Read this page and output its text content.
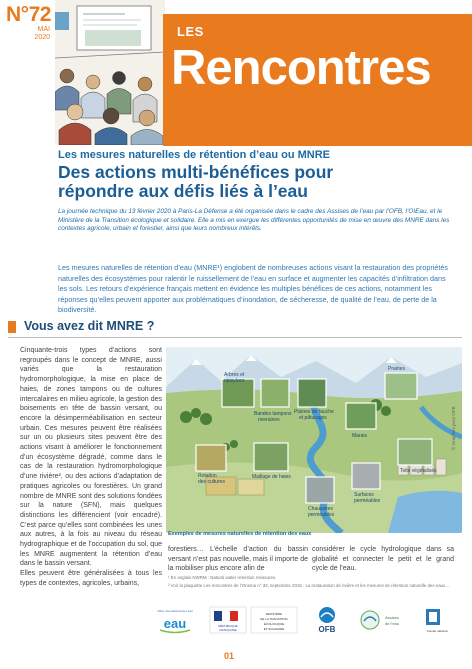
N°72
MAI
2020	LES
Rencontres
Les mesures naturelles de rétention d’eau ou MNRE
Des actions multi-bénéfices pour
répondre aux défis liés à l’eau
La journée technique du 13 février 2020 à Paris-La Défense a été organisée dans le cadre des Assises de l’eau par l’OFB, l’OIEau, et le Ministère de la Transition écologique et solidaire. Elle a mis en exergue les différentes opportunités de mise en œuvre des MNRE dans les contextes agricole, urbain et forestier, ainsi que leurs nombreux intérêts.
Les mesures naturelles de rétention d’eau (MNRE¹) englobent de nombreuses actions visant la restauration des propriétés naturelles des écosystèmes pour ralentir le ruissellement de l’eau en surface et augmenter les capacités d’infiltration dans les sols. Les retours d’expérience français mettent en évidence les multiples bénéfices de ces actions, notamment les réponses qu’elles peuvent apporter aux problématiques d’inondation, de sécheresse, de qualité de l’eau, de perte de la biodiversité.
Vous avez dit MNRE ?

Cinquante-trois types d’actions sont regroupés dans le concept de MNRE, aussi variés que la restauration hydromorphologique, la mise en place de haies, de zones tampons ou de cultures intercalaires en milieu agricole, la gestion des boisements en tête de bassin versant, ou encore la désimperméabilisation en secteur urbain. Ces mesures peuvent être réalisées sur un ou plusieurs sites peuvent être des actions visant à améliorer le fonctionnement d’un écosystème dégradé, comme dans le cas de la restauration hydromorphologique d’une rivière², ou des actions d’adaptation de pratiques agricoles ou forestières. Un grand nombre de MNRE sont des solutions fondées sur la nature (SFN), mais quelques distinctions les différencient (voir encadré). C’est parce qu’elles sont combinées les unes aux autres, à la fois au niveau du réseau hydrographique et de l’occupation du sol, que les MNRE augmentent la rétention d’eau dans le bassin versant.

Elles peuvent être généralisées à tous les types de contextes, agricoles, urbains,

Arbres et
ripisylves
Bandes tampons
riveraines
Plaines de fauche
et pâturages
Prairies
Marais
Rotation
des cultures
Maillage de haies
Chaussées
perméables
Toits végétalisés
Surfaces
perméables
© Graphies pour OFB
Exemples de mesures naturelles de rétention des eaux
forestiers… L’échelle d’action du bassin versant n’est pas nouvelle, mais il importe de la mobiliser plus encore afin de
considérer le cycle hydrologique dans sa globalité et connecter le petit et le grand cycle de l’eau.
¹ En anglais NWRM : Natural water retention measures.
² Voir la plaquette Les rencontres de l’Onema n° 33, septembre 2015 : La restauration de rivière et les mesures de rétention naturelle des eaux…
office international de l’eau
eau	RÉPUBLIQUE
FRANÇAISE
MINISTÈRE
DE LA TRANSITION
ÉCOLOGIQUE
ET SOLIDAIRE	OFB
Assises
de l’eau
Comité national
01
